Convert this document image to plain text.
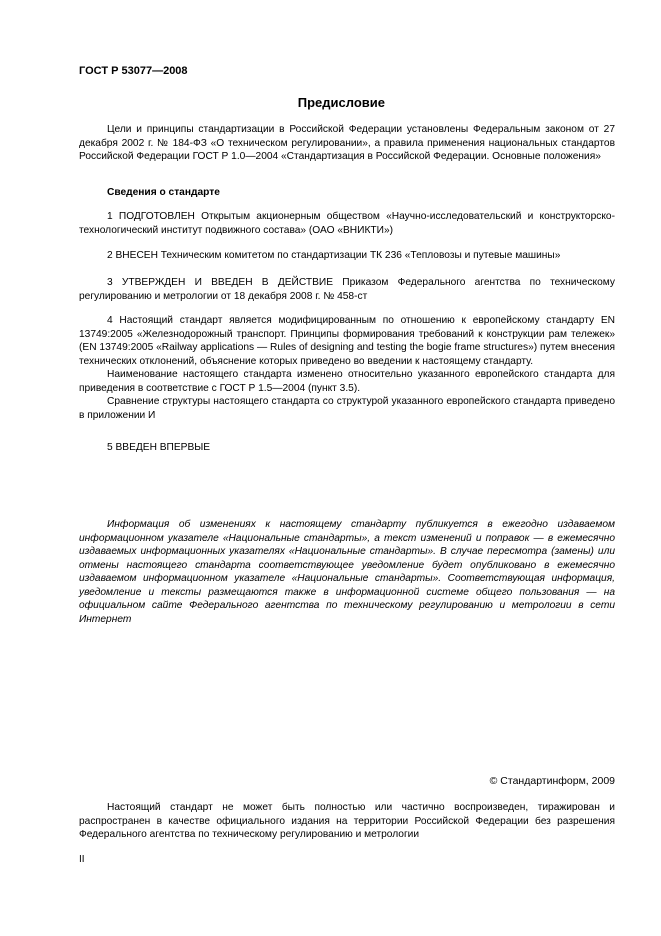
ГОСТ Р 53077—2008
Предисловие

Цели и принципы стандартизации в Российской Федерации установлены Федеральным законом от 27 декабря 2002 г. № 184-ФЗ «О техническом регулировании», а правила применения национальных стандартов Российской Федерации ГОСТ Р 1.0—2004 «Стандартизация в Российской Федерации. Основные положения»

Сведения о стандарте

1 ПОДГОТОВЛЕН Открытым акционерным обществом «Научно-исследовательский и конструкторско-технологический институт подвижного состава» (ОАО «ВНИКТИ»)

2 ВНЕСЕН Техническим комитетом по стандартизации ТК 236 «Тепловозы и путевые машины»

3 УТВЕРЖДЕН И ВВЕДЕН В ДЕЙСТВИЕ Приказом Федерального агентства по техническому регулированию и метрологии от 18 декабря 2008 г. № 458-ст

4 Настоящий стандарт является модифицированным по отношению к европейскому стандарту EN 13749:2005 «Железнодорожный транспорт. Принципы формирования требований к конструкции рам тележек» (EN 13749:2005 «Railway applications — Rules of designing and testing the bogie frame structures») путем внесения технических отклонений, объяснение которых приведено во введении к настоящему стандарту.

Наименование настоящего стандарта изменено относительно указанного европейского стандарта для приведения в соответствие с ГОСТ Р 1.5—2004 (пункт 3.5).

Сравнение структуры настоящего стандарта со структурой указанного европейского стандарта приведено в приложении И

5 ВВЕДЕН ВПЕРВЫЕ

Информация об изменениях к настоящему стандарту публикуется в ежегодно издаваемом информационном указателе «Национальные стандарты», а текст изменений и поправок — в ежемесячно издаваемых информационных указателях «Национальные стандарты». В случае пересмотра (замены) или отмены настоящего стандарта соответствующее уведомление будет опубликовано в ежемесячно издаваемом информационном указателе «Национальные стандарты». Соответствующая информация, уведомление и тексты размещаются также в информационной системе общего пользования — на официальном сайте Федерального агентства по техническому регулированию и метрологии в сети Интернет

© Стандартинформ, 2009

Настоящий стандарт не может быть полностью или частично воспроизведен, тиражирован и распространен в качестве официального издания на территории Российской Федерации без разрешения Федерального агентства по техническому регулированию и метрологии

II
